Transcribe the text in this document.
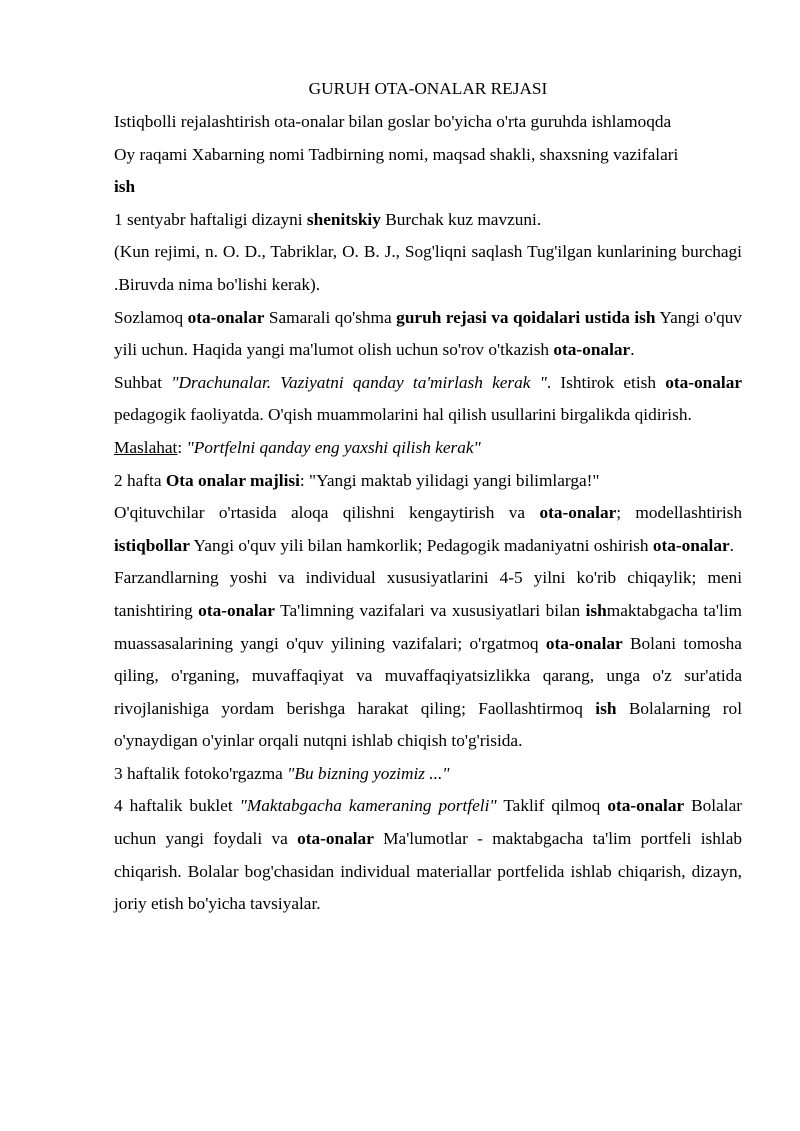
GURUH OTA-ONALAR REJASI

Istiqbolli rejalashtirish ota-onalar bilan goslar bo'yicha o'rta guruhda ishlamoqda

Oy raqami Xabarning nomi Tadbirning nomi, maqsad shakli, shaxsning vazifalari

ish

1 sentyabr haftaligi dizayni shenitskiy Burchak kuz mavzuni.

(Kun rejimi, n. O. D., Tabriklar, O. B. J., Sog'liqni saqlash Tug'ilgan kunlarining burchagi .Biruvda nima bo'lishi kerak).

Sozlamoq ota-onalar Samarali qo'shma guruh rejasi va qoidalari ustida ish Yangi o'quv yili uchun. Haqida yangi ma'lumot olish uchun so'rov o'tkazish ota-onalar.

Suhbat "Drachunalar. Vaziyatni qanday ta'mirlash kerak ". Ishtirok etish ota-onalar pedagogik faoliyatda. O'qish muammolarini hal qilish usullarini birgalikda qidirish.

Maslahat: "Portfelni qanday eng yaxshi qilish kerak"

2 hafta Ota onalar majlisi: "Yangi maktab yilidagi yangi bilimlarga!"

O'qituvchilar o'rtasida aloqa qilishni kengaytirish va ota-onalar; modellashtirish istiqbollar Yangi o'quv yili bilan hamkorlik; Pedagogik madaniyatni oshirish ota-onalar.

Farzandlarning yoshi va individual xususiyatlarini 4-5 yilni ko'rib chiqaylik; meni tanishtiring ota-onalar Ta'limning vazifalari va xususiyatlari bilan ishmaktabgacha ta'lim muassasalarining yangi o'quv yilining vazifalari; o'rgatmoq ota-onalar Bolani tomosha qiling, o'rganing, muvaffaqiyat va muvaffaqiyatsizlikka qarang, unga o'z sur'atida rivojlanishiga yordam berishga harakat qiling; Faollashtirmoq ish Bolalarning rol o'ynaydigan o'yinlar orqali nutqni ishlab chiqish to'g'risida.

3 haftalik fotoko'rgazma "Bu bizning yozimiz ..."

4 haftalik buklet "Maktabgacha kameraning portfeli" Taklif qilmoq ota-onalar Bolalar uchun yangi foydali va ota-onalar Ma'lumotlar - maktabgacha ta'lim portfeli ishlab chiqarish. Bolalar bog'chasidan individual materiallar portfelida ishlab chiqarish, dizayn, joriy etish bo'yicha tavsiyalar.
